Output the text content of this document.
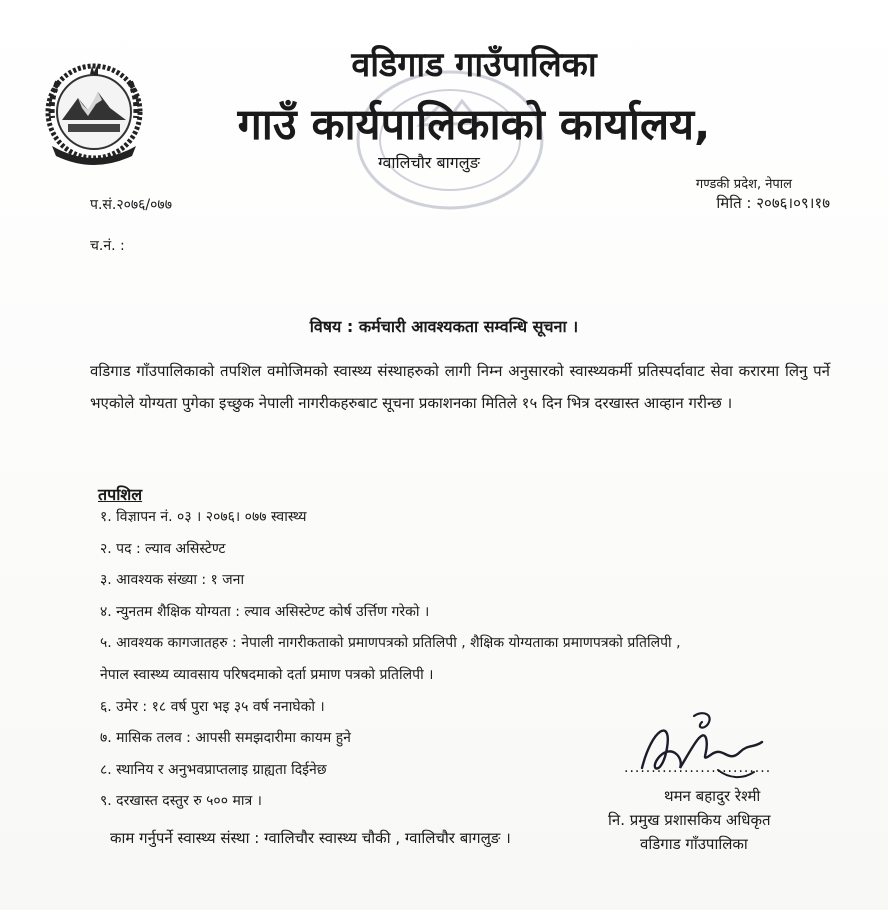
वडिगाड गाउँपालिका
गाउँ कार्यपालिकाको कार्यालय,
ग्वालिचौर बागलुङ
गण्डकी प्रदेश, नेपाल
प.सं.२०७६/०७७	मिति : २०७६।०९।१७
च.नं. :
विषय : कर्मचारी आवश्यकता सम्वन्धि सूचना ।
वडिगाड गाँउपालिकाको तपशिल वमोजिमको स्वास्थ्य संस्थाहरुको लागी निम्न अनुसारको स्वास्थ्यकर्मी प्रतिस्पर्दावाट सेवा करारमा लिनु पर्ने भएकोले योग्यता पुगेका इच्छुक नेपाली नागरीकहरुबाट सूचना प्रकाशनका मितिले १५ दिन भित्र दरखास्त आव्हान गरीन्छ ।
तपशिल
१. विज्ञापन नं. ०३ । २०७६। ०७७ स्वास्थ्य
२. पद : ल्याव असिस्टेण्ट
३. आवश्यक संख्या : १ जना
४. न्युनतम शैक्षिक योग्यता : ल्याव असिस्टेण्ट कोर्ष उर्त्तिण गरेको ।
५. आवश्यक कागजातहरु : नेपाली नागरीकताको प्रमाणपत्रको प्रतिलिपी , शैक्षिक योग्यताका प्रमाणपत्रको प्रतिलिपी ,
नेपाल स्वास्थ्य व्यावसाय परिषदमाको दर्ता प्रमाण पत्रको प्रतिलिपी ।
६. उमेर : १८ वर्ष पुरा भइ ३५ वर्ष ननाघेको ।
७. मासिक तलव : आपसी समझदारीमा कायम हुने
८. स्थानिय र अनुभवप्राप्तलाइ ग्राह्यता दिईनेछ
९. दरखास्त दस्तुर रु ५०० मात्र ।
काम गर्नुपर्ने स्वास्थ्य संस्था : ग्वालिचौर स्वास्थ्य चौकी , ग्वालिचौर बागलुङ ।
...........................
थमन बहादुर रेश्मी
नि. प्रमुख प्रशासकिय अधिकृत
वडिगाड गाँउपालिका
